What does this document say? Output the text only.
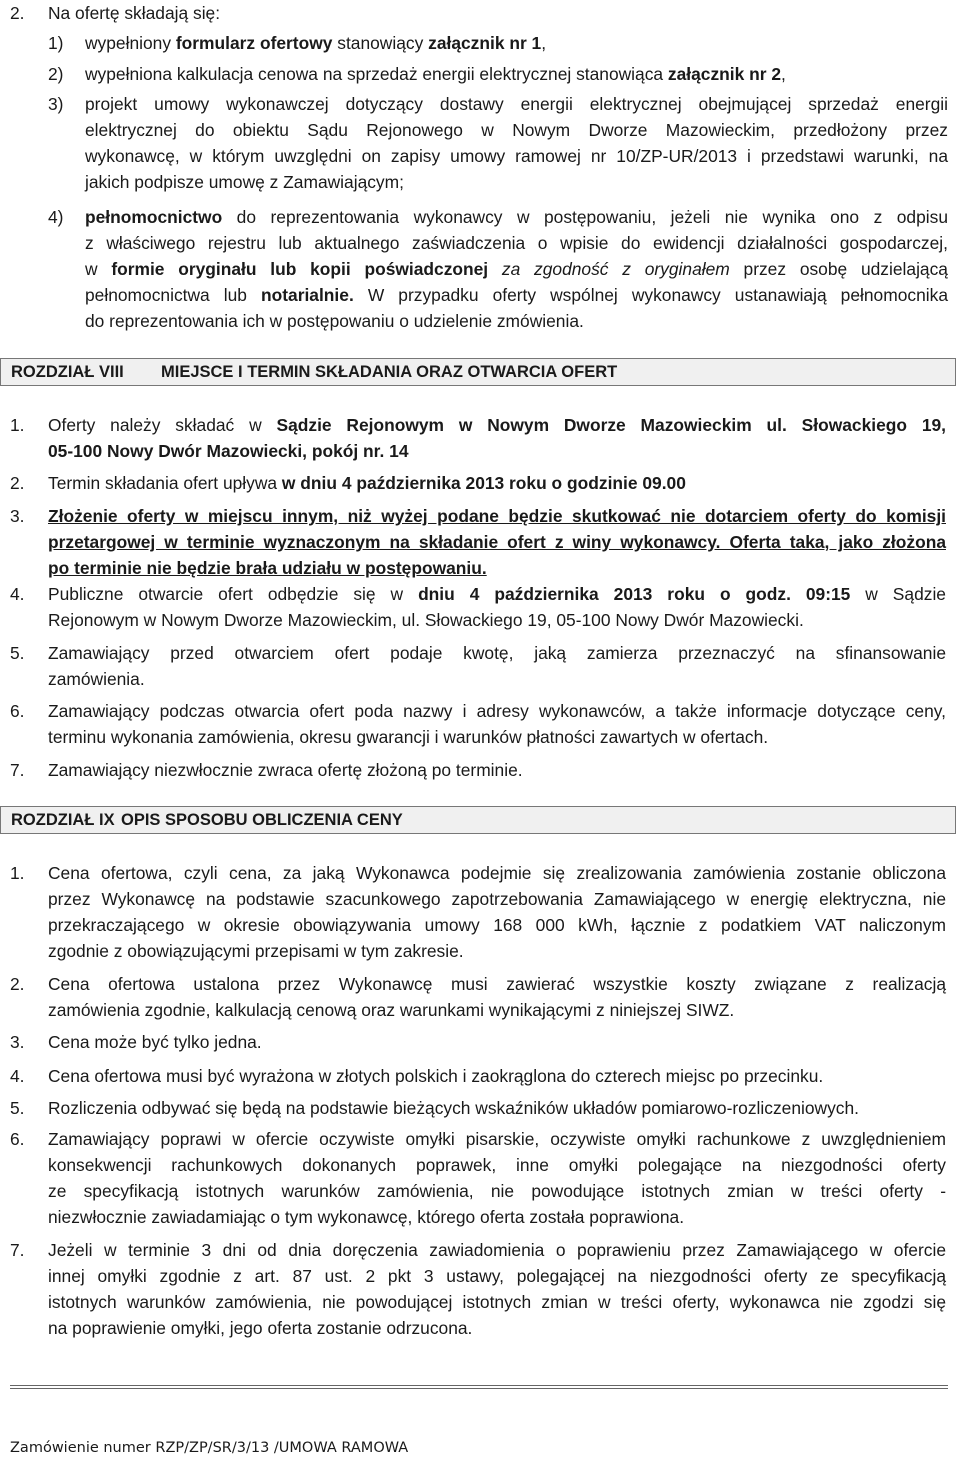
2.	Na ofertę składają się:
1)	wypełniony formularz ofertowy stanowiący załącznik nr 1,
2)	wypełniona kalkulacja cenowa na sprzedaż energii elektrycznej stanowiąca załącznik nr 2,
3)	projekt umowy wykonawczej dotyczący dostawy energii elektrycznej obejmującej sprzedaż energii
elektrycznej do obiektu Sądu Rejonowego w Nowym Dworze Mazowieckim, przedłożony przez
wykonawcę, w którym uwzględni on zapisy umowy ramowej nr 10/ZP-UR/2013 i przedstawi warunki, na
jakich podpisze umowę z Zamawiającym;
4)	pełnomocnictwo do reprezentowania wykonawcy w postępowaniu, jeżeli nie wynika ono z odpisu
z właściwego rejestru lub aktualnego zaświadczenia o wpisie do ewidencji działalności gospodarczej,
w formie oryginału lub kopii poświadczonej za zgodność z oryginałem przez osobę udzielającą
pełnomocnictwa lub notarialnie. W przypadku oferty wspólnej wykonawcy ustanawiają pełnomocnika
do reprezentowania ich w postępowaniu o udzielenie zmówienia.
ROZDZIAŁ VIII MIEJSCE I TERMIN SKŁADANIA ORAZ OTWARCIA OFERT
1.	Oferty należy składać w Sądzie Rejonowym w Nowym Dworze Mazowieckim ul. Słowackiego 19,
05-100 Nowy Dwór Mazowiecki, pokój nr. 14
2.	Termin składania ofert upływa w dniu 4 października 2013 roku o godzinie 09.00
3.	Złożenie oferty w miejscu innym, niż wyżej podane będzie skutkować nie dotarciem oferty do komisji
przetargowej w terminie wyznaczonym na składanie ofert z winy wykonawcy. Oferta taka, jako złożona
po terminie nie będzie brała udziału w postępowaniu.
4.	Publiczne otwarcie ofert odbędzie się w dniu 4 października 2013 roku o godz. 09:15 w Sądzie
Rejonowym w Nowym Dworze Mazowieckim, ul. Słowackiego 19, 05-100 Nowy Dwór Mazowiecki.
5.	Zamawiający przed otwarciem ofert podaje kwotę, jaką zamierza przeznaczyć na sfinansowanie
zamówienia.
6.	Zamawiający podczas otwarcia ofert poda nazwy i adresy wykonawców, a także informacje dotyczące ceny,
terminu wykonania zamówienia, okresu gwarancji i warunków płatności zawartych w ofertach.
7.	Zamawiający niezwłocznie zwraca ofertę złożoną po terminie.
ROZDZIAŁ IX OPIS SPOSOBU OBLICZENIA CENY
1.	Cena ofertowa, czyli cena, za jaką Wykonawca podejmie się zrealizowania zamówienia zostanie obliczona
przez Wykonawcę na podstawie szacunkowego zapotrzebowania Zamawiającego w energię elektryczna, nie
przekraczającego w okresie obowiązywania umowy 168 000 kWh, łącznie z podatkiem VAT naliczonym
zgodnie z obowiązującymi przepisami w tym zakresie.
2.	Cena ofertowa ustalona przez Wykonawcę musi zawierać wszystkie koszty związane z realizacją
zamówienia zgodnie, kalkulacją cenową oraz warunkami wynikającymi z niniejszej SIWZ.
3.	Cena może być tylko jedna.
4.	Cena ofertowa musi być wyrażona w złotych polskich i zaokrąglona do czterech miejsc po przecinku.
5.	Rozliczenia odbywać się będą na podstawie bieżących wskaźników układów pomiarowo-rozliczeniowych.
6.	Zamawiający poprawi w ofercie oczywiste omyłki pisarskie, oczywiste omyłki rachunkowe z uwzględnieniem
konsekwencji rachunkowych dokonanych poprawek, inne omyłki polegające na niezgodności oferty
ze specyfikacją istotnych warunków zamówienia, nie powodujące istotnych zmian w treści oferty -
niezwłocznie zawiadamiając o tym wykonawcę, którego oferta została poprawiona.
7.	Jeżeli w terminie 3 dni od dnia doręczenia zawiadomienia o poprawieniu przez Zamawiającego w ofercie
innej omyłki zgodnie z art. 87 ust. 2 pkt 3 ustawy, polegającej na niezgodności oferty ze specyfikacją
istotnych warunków zamówienia, nie powodującej istotnych zmian w treści oferty, wykonawca nie zgodzi się
na poprawienie omyłki, jego oferta zostanie odrzucona.
Zamówienie numer RZP/ZP/SR/3/13 /UMOWA RAMOWA
